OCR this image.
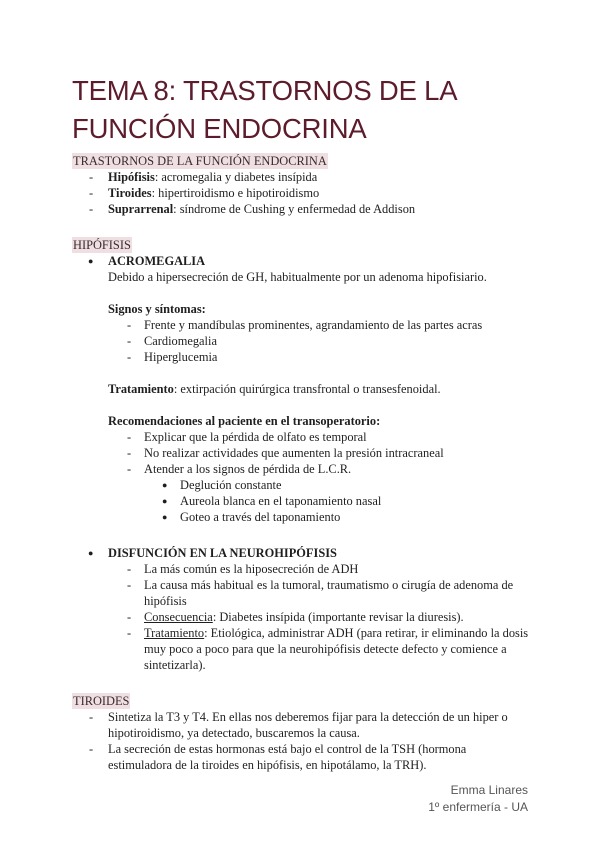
TEMA 8: TRASTORNOS DE LA
FUNCIÓN ENDOCRINA
TRASTORNOS DE LA FUNCIÓN ENDOCRINA
- Hipófisis: acromegalia y diabetes insípida
- Tiroides: hipertiroidismo e hipotiroidismo
- Suprarrenal: síndrome de Cushing y enfermedad de Addison
HIPÓFISIS
● ACROMEGALIA
Debido a hipersecreción de GH, habitualmente por un adenoma hipofisiario.
Signos y síntomas:
- Frente y mandíbulas prominentes, agrandamiento de las partes acras
- Cardiomegalia
- Hiperglucemia
Tratamiento: extirpación quirúrgica transfrontal o transesfenoidal.
Recomendaciones al paciente en el transoperatorio:
- Explicar que la pérdida de olfato es temporal
- No realizar actividades que aumenten la presión intracraneal
- Atender a los signos de pérdida de L.C.R.
● Deglución constante
● Aureola blanca en el taponamiento nasal
● Goteo a través del taponamiento
● DISFUNCIÓN EN LA NEUROHIPÓFISIS
- La más común es la hiposecreción de ADH
- La causa más habitual es la tumoral, traumatismo o cirugía de adenoma de hipófisis
- Consecuencia: Diabetes insípida (importante revisar la diuresis).
- Tratamiento: Etiológica, administrar ADH (para retirar, ir eliminando la dosis muy poco a poco para que la neurohipófisis detecte defecto y comience a sintetizarla).
TIROIDES
- Sintetiza la T3 y T4. En ellas nos deberemos fijar para la detección de un hiper o hipotiroidismo, ya detectado, buscaremos la causa.
- La secreción de estas hormonas está bajo el control de la TSH (hormona estimuladora de la tiroides en hipófisis, en hipotálamo, la TRH).
Emma Linares
1º enfermería - UA
